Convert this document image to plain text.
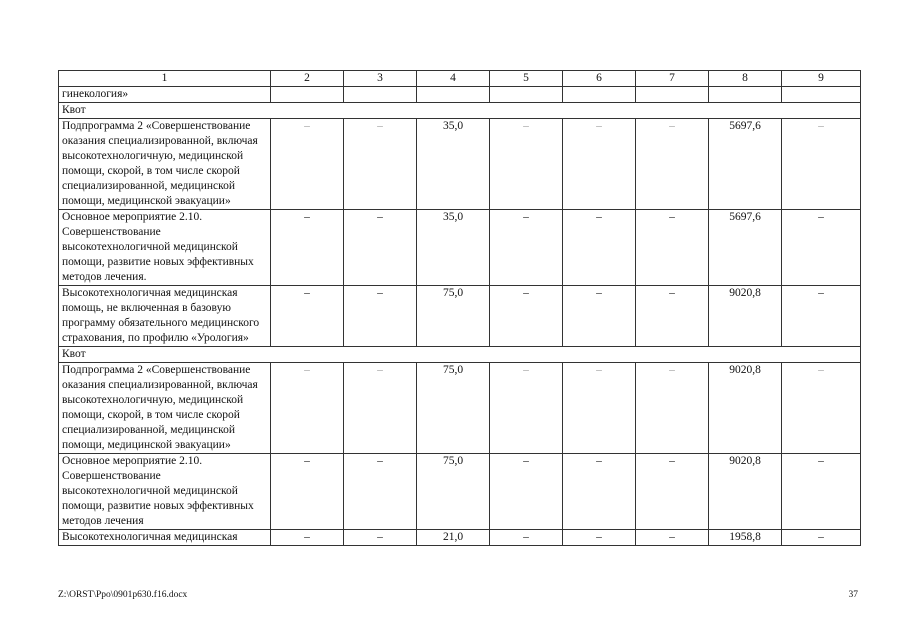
1	2	3	4	5	6	7	8	9
гинекология»								
Квот								
Подпрограмма 2 «Совершенствование оказания специализированной, включая высокотехнологичную, медицинской помощи, скорой, в том числе скорой специализированной, медицинской помощи, медицинской эвакуации»	–	–	35,0	–	–	–	5697,6	–
Основное мероприятие 2.10. Совершенствование высокотехнологичной медицинской помощи, развитие новых эффективных методов лечения.	–	–	35,0	–	–	–	5697,6	–
Высокотехнологичная медицинская помощь, не включенная в базовую программу обязательного медицинского страхования, по профилю «Урология»	–	–	75,0	–	–	–	9020,8	–
Квот								
Подпрограмма 2 «Совершенствование оказания специализированной, включая высокотехнологичную, медицинской помощи, скорой, в том числе скорой специализированной, медицинской помощи, медицинской эвакуации»	–	–	75,0	–	–	–	9020,8	–
Основное мероприятие 2.10. Совершенствование высокотехнологичной медицинской помощи, развитие новых эффективных методов лечения	–	–	75,0	–	–	–	9020,8	–
Высокотехнологичная медицинская	–	–	21,0	–	–	–	1958,8	–
Z:\ORST\Ppo\0901p630.f16.docx	37
